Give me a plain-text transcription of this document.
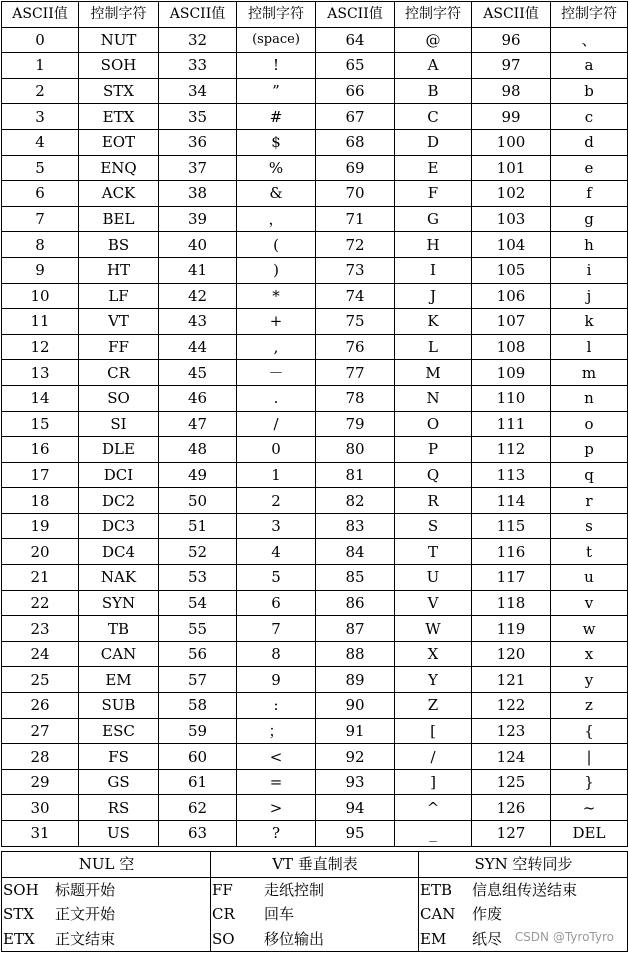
ASCII值	控制字符	ASCII值	控制字符	ASCII值	控制字符	ASCII值	控制字符
0	NUT	32	(space)	64	@	96	、
1	SOH	33	!	65	A	97	a
2	STX	34	”	66	B	98	b
3	ETX	35	#	67	C	99	c
4	EOT	36	$	68	D	100	d
5	ENQ	37	%	69	E	101	e
6	ACK	38	&	70	F	102	f
7	BEL	39	，	71	G	103	g
8	BS	40	(	72	H	104	h
9	HT	41	)	73	I	105	i
10	LF	42	*	74	J	106	j
11	VT	43	+	75	K	107	k
12	FF	44	,	76	L	108	l
13	CR	45	－	77	M	109	m
14	SO	46	.	78	N	110	n
15	SI	47	/	79	O	111	o
16	DLE	48	0	80	P	112	p
17	DCI	49	1	81	Q	113	q
18	DC2	50	2	82	R	114	r
19	DC3	51	3	83	S	115	s
20	DC4	52	4	84	T	116	t
21	NAK	53	5	85	U	117	u
22	SYN	54	6	86	V	118	v
23	TB	55	7	87	W	119	w
24	CAN	56	8	88	X	120	x
25	EM	57	9	89	Y	121	y
26	SUB	58	:	90	Z	122	z
27	ESC	59	；	91	[	123	{
28	FS	60	<	92	/	124	|
29	GS	61	=	93	]	125	}
30	RS	62	>	94	^	126	~
31	US	63	?	95	_	127	DEL
NUL 空	VT 垂直制表	SYN 空转同步
SOH 标题开始	FF 走纸控制	ETB 信息组传送结束
STX 正文开始	CR 回车	CAN 作废
ETX 正文结束	SO 移位输出	EM 纸尽 CSDN @TyroTyro
